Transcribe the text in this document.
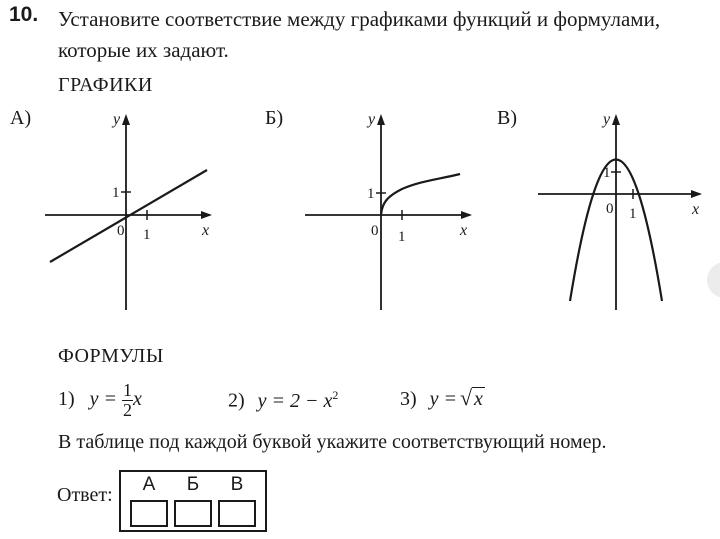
10. Установите соответствие между графиками функций и формулами, которые их задают.
ГРАФИКИ
А)	y
x
0
1
1
Б)	y
x
0
1
1
В)	y
x
0
1
1
ФОРМУЛЫ
1) $y = \frac{1}{2}$ x	2) $y = 2 - x^2$	3) y = √ x
В таблице под каждой буквой укажите соответствующий номер.
Ответ:	А	Б	В
